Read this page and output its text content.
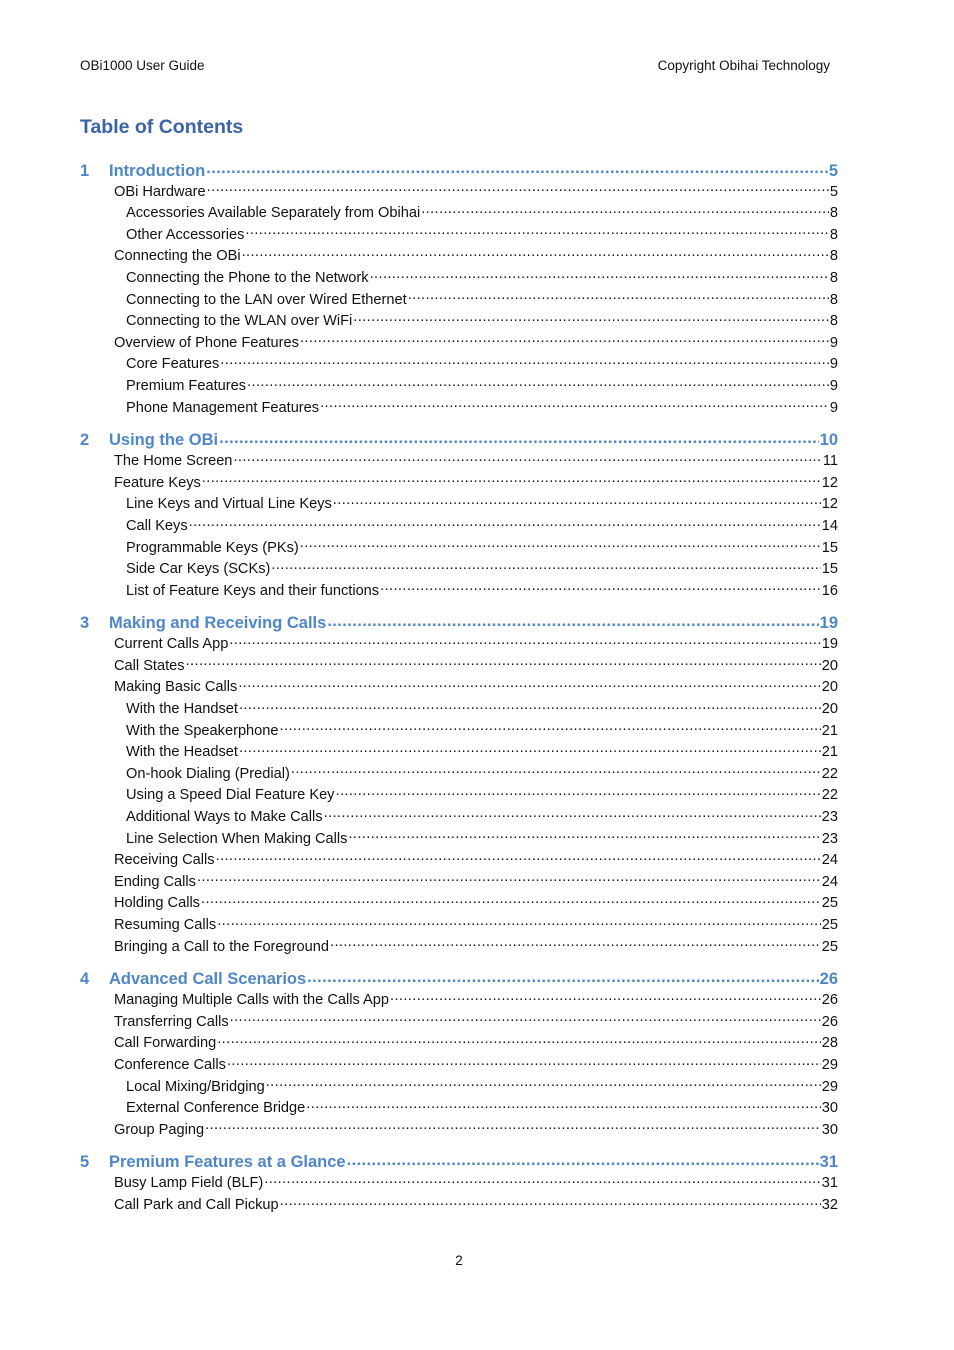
OBi1000 User Guide	Copyright Obihai Technology
Table of Contents
1	Introduction .....	5
OBi Hardware .....	5
Accessories Available Separately from Obihai .....	8
Other Accessories .....	8
Connecting the OBi .....	8
Connecting the Phone to the Network .....	8
Connecting to the LAN over Wired Ethernet .....	8
Connecting to the WLAN over WiFi .....	8
Overview of Phone Features .....	9
Core Features .....	9
Premium Features .....	9
Phone Management Features .....	9
2	Using the OBi .....	10
The Home Screen .....	11
Feature Keys .....	12
Line Keys and Virtual Line Keys .....	12
Call Keys .....	14
Programmable Keys (PKs) .....	15
Side Car Keys (SCKs) .....	15
List of Feature Keys and their functions .....	16
3	Making and Receiving Calls .....	19
Current Calls App .....	19
Call States .....	20
Making Basic Calls .....	20
With the Handset .....	20
With the Speakerphone .....	21
With the Headset .....	21
On-hook Dialing (Predial) .....	22
Using a Speed Dial Feature Key .....	22
Additional Ways to Make Calls .....	23
Line Selection When Making Calls .....	23
Receiving Calls .....	24
Ending Calls .....	24
Holding Calls .....	25
Resuming Calls .....	25
Bringing a Call to the Foreground .....	25
4	Advanced Call Scenarios .....	26
Managing Multiple Calls with the Calls App .....	26
Transferring Calls .....	26
Call Forwarding .....	28
Conference Calls .....	29
Local Mixing/Bridging .....	29
External Conference Bridge .....	30
Group Paging .....	30
5	Premium Features at a Glance .....	31
Busy Lamp Field (BLF) .....	31
Call Park and Call Pickup .....	32
2
